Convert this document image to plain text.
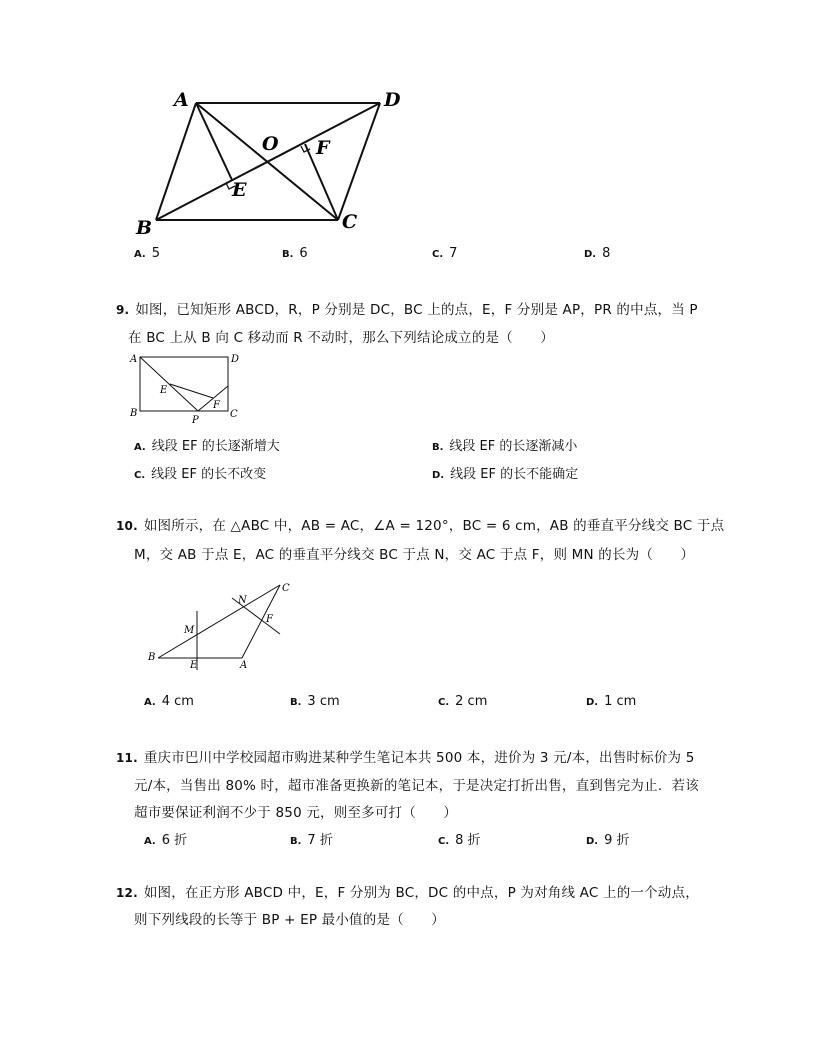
A	D
O F
E
B	C
A. 5	B. 6	C. 7	D. 8
9. 如图，已知矩形 ABCD，R，P 分别是 DC，BC 上的点，E，F 分别是 AP，PR 的中点，当 P
在 BC 上从 B 向 C 移动而 R 不动时，那么下列结论成立的是（　　）
A	D
E
F
B
P
C
A. 线段 EF 的长逐渐增大	B. 线段 EF 的长逐渐减小
C. 线段 EF 的长不改变	D. 线段 EF 的长不能确定
10. 如图所示，在 △ABC 中，AB = AC，∠A = 120°，BC = 6 cm，AB 的垂直平分线交 BC 于点
M，交 AB 于点 E，AC 的垂直平分线交 BC 于点 N，交 AC 于点 F，则 MN 的长为（　　）
C
N
F
M
B
E	A
A. 4 cm	B. 3 cm	C. 2 cm	D. 1 cm
11. 重庆市巴川中学校园超市购进某种学生笔记本共 500 本，进价为 3 元/本，出售时标价为 5
元/本，当售出 80% 时，超市准备更换新的笔记本，于是决定打折出售，直到售完为止．若该
超市要保证利润不少于 850 元，则至多可打（　　）
A. 6 折	B. 7 折	C. 8 折	D. 9 折
12. 如图，在正方形 ABCD 中，E，F 分别为 BC，DC 的中点，P 为对角线 AC 上的一个动点，
则下列线段的长等于 BP + EP 最小值的是（　　）
